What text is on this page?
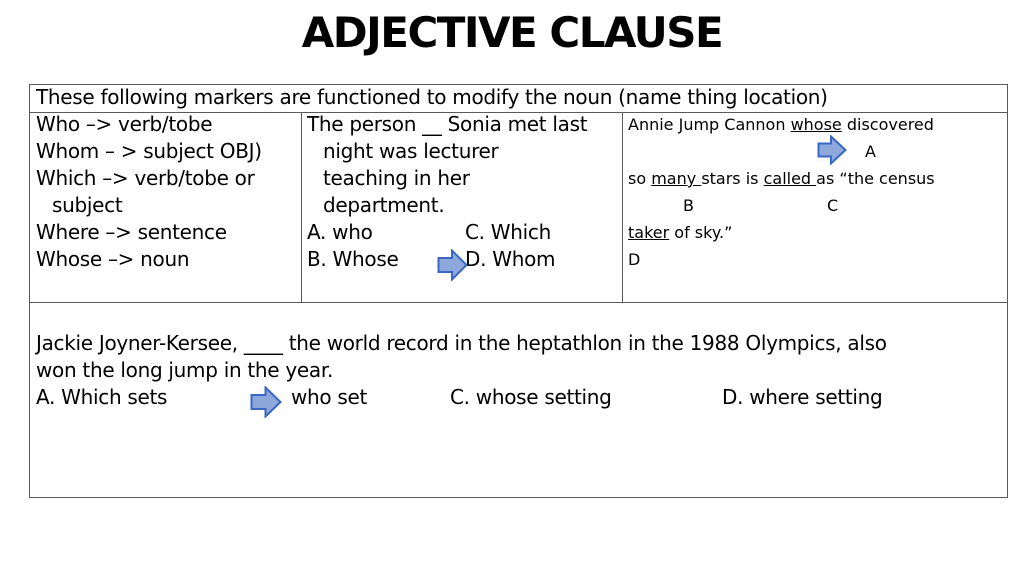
ADJECTIVE CLAUSE
These following markers are functioned to modify the noun (name thing location)
Who –> verb/tobe
Whom – > subject OBJ)
Which –> verb/tobe or
subject
Where –> sentence
Whose –> noun
The person __ Sonia met last
night was lecturer
teaching in her
department.
A. who	C. Which
B. Whose	D. Whom
Annie Jump Cannon whose discovered
A
so many stars is called as “the census
B	C
taker of sky.”
D
Jackie Joyner-Kersee, ____ the world record in the heptathlon in the 1988 Olympics, also
won the long jump in the year.
A. Which sets	who set	C. whose setting	D. where setting
